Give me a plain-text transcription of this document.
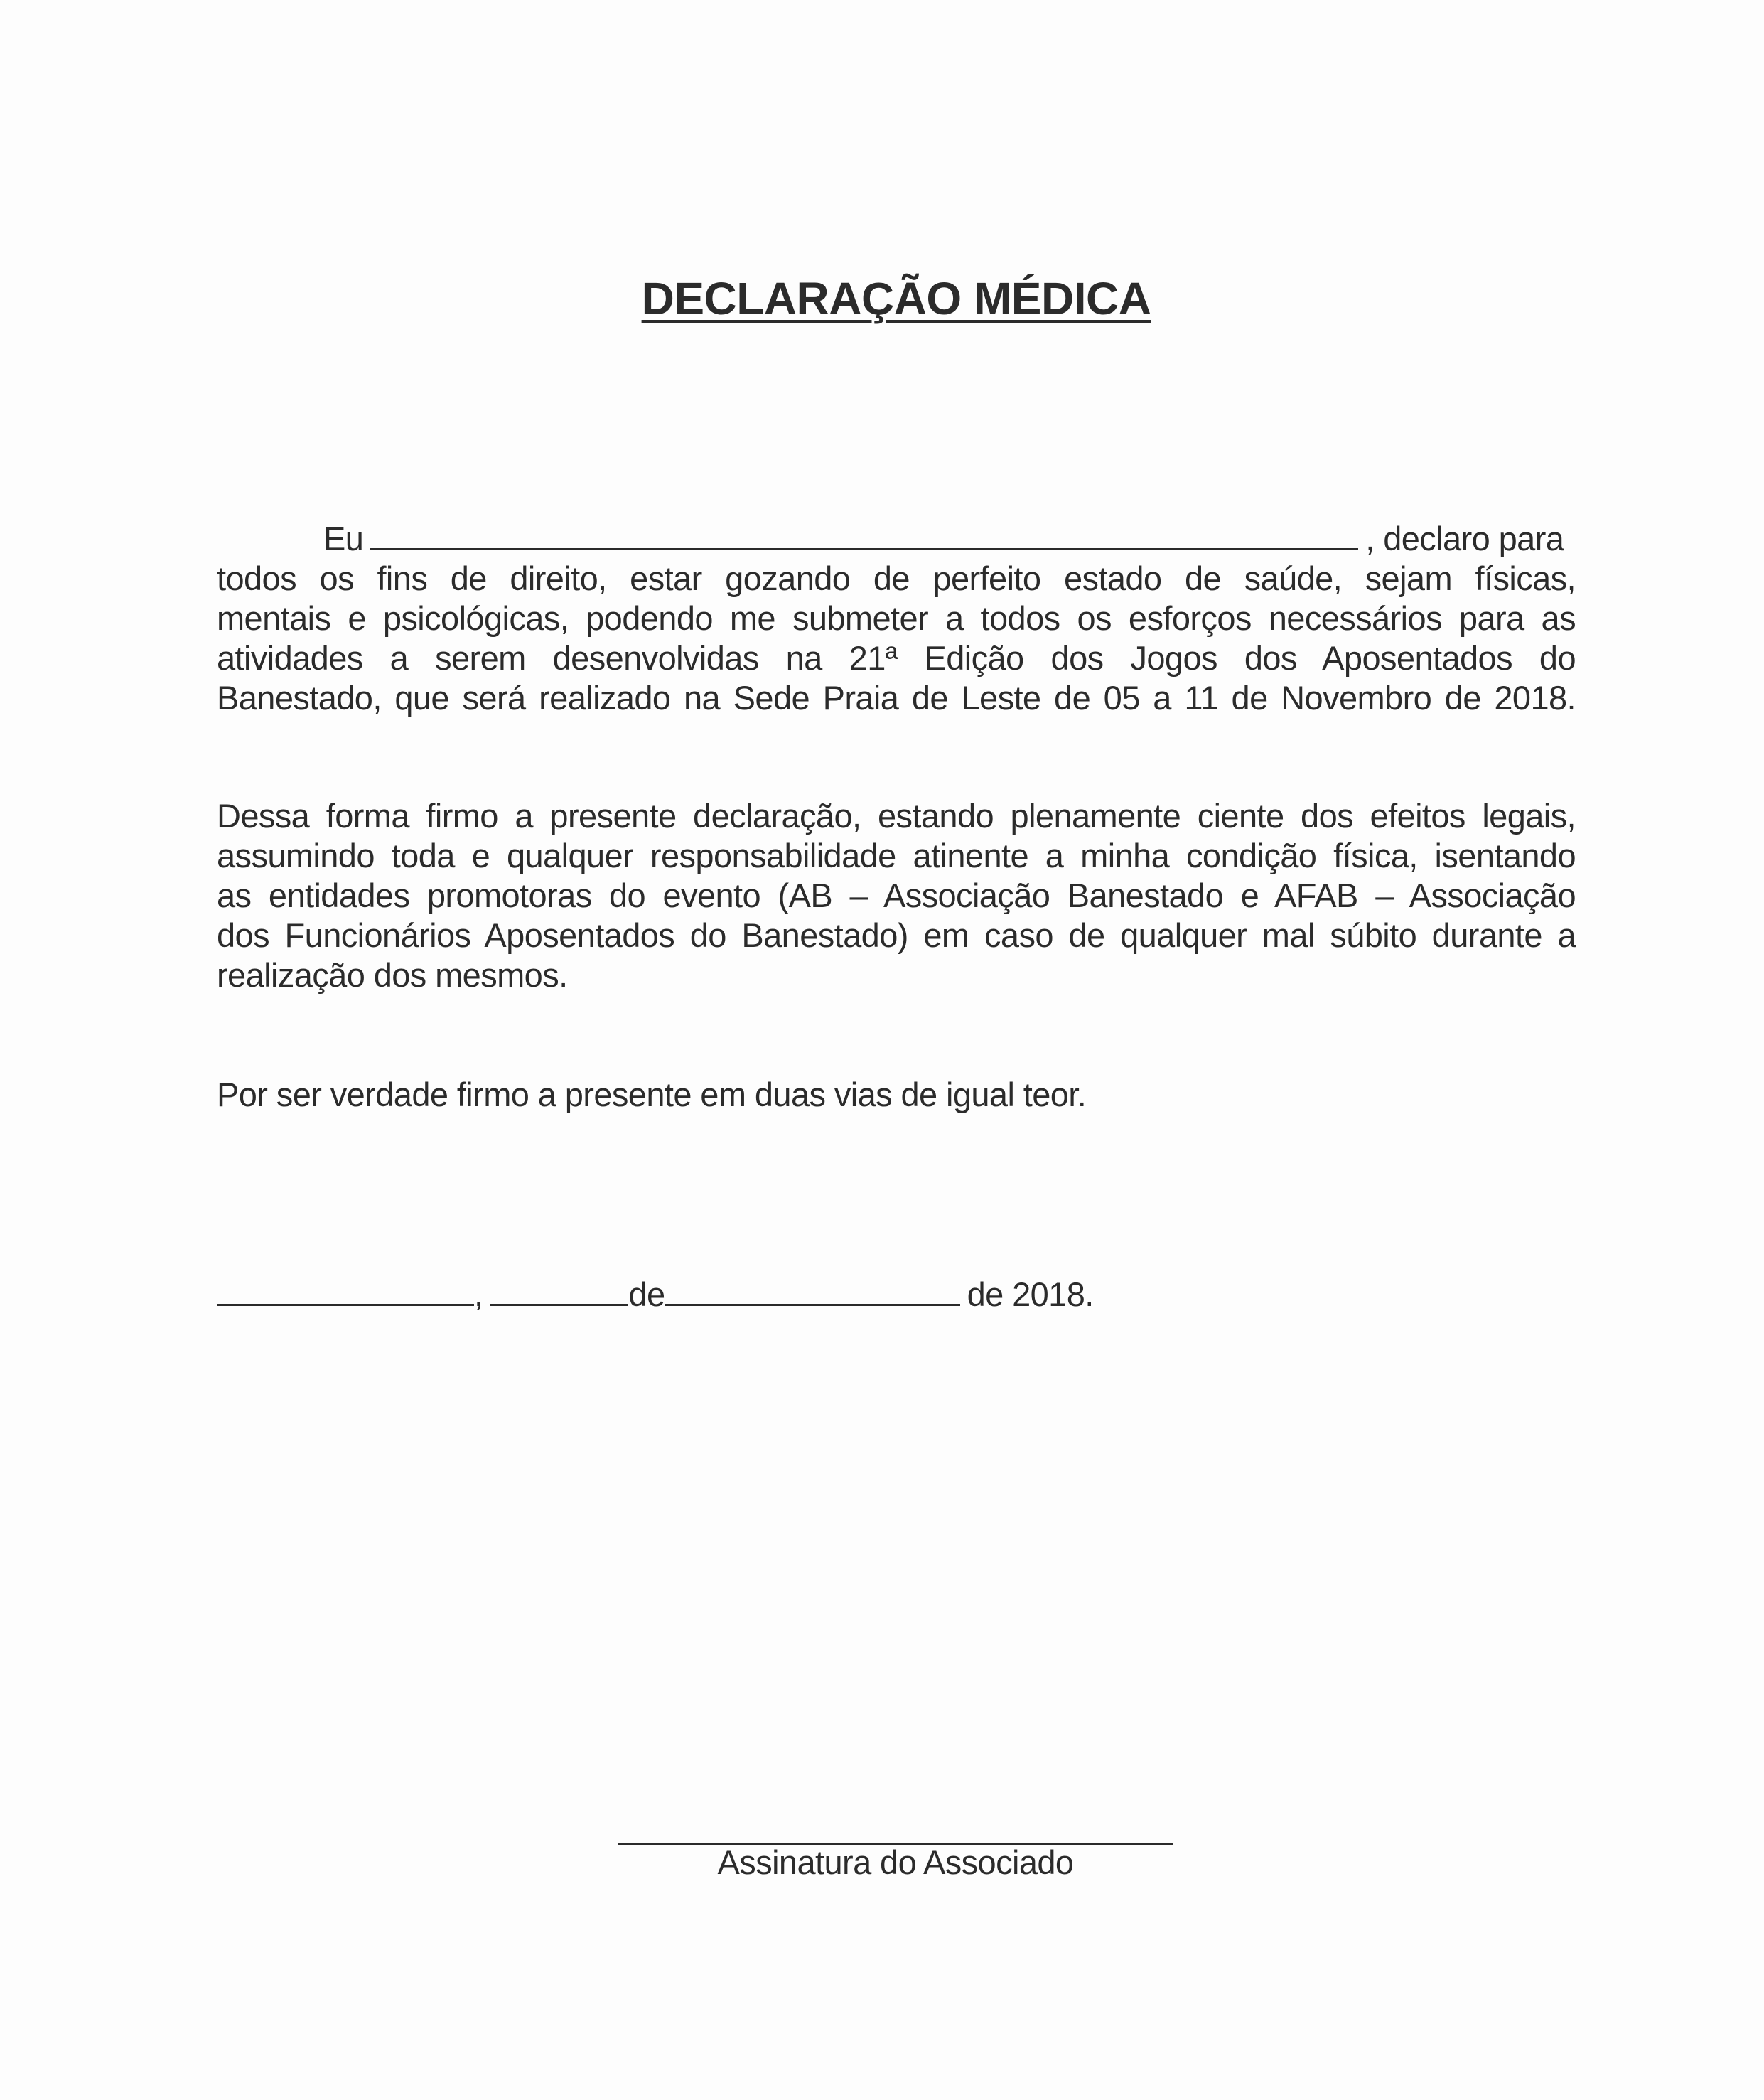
DECLARAÇÃO MÉDICA
Eu	, declaro para
todos os fins de direito, estar gozando de perfeito estado de saúde, sejam físicas,
mentais e psicológicas, podendo me submeter a todos os esforços necessários para as
atividades a serem desenvolvidas na 21ª Edição dos Jogos dos Aposentados do
Banestado, que será realizado na Sede Praia de Leste de 05 a 11 de Novembro de 2018.
Dessa forma firmo a presente declaração, estando plenamente ciente dos efeitos legais,
assumindo toda e qualquer responsabilidade atinente a minha condição física, isentando
as entidades promotoras do evento (AB – Associação Banestado e AFAB – Associação
dos Funcionários Aposentados do Banestado) em caso de qualquer mal súbito durante a
realização dos mesmos.
Por ser verdade firmo a presente em duas vias de igual teor.
,	de	de 2018.
Assinatura do Associado
